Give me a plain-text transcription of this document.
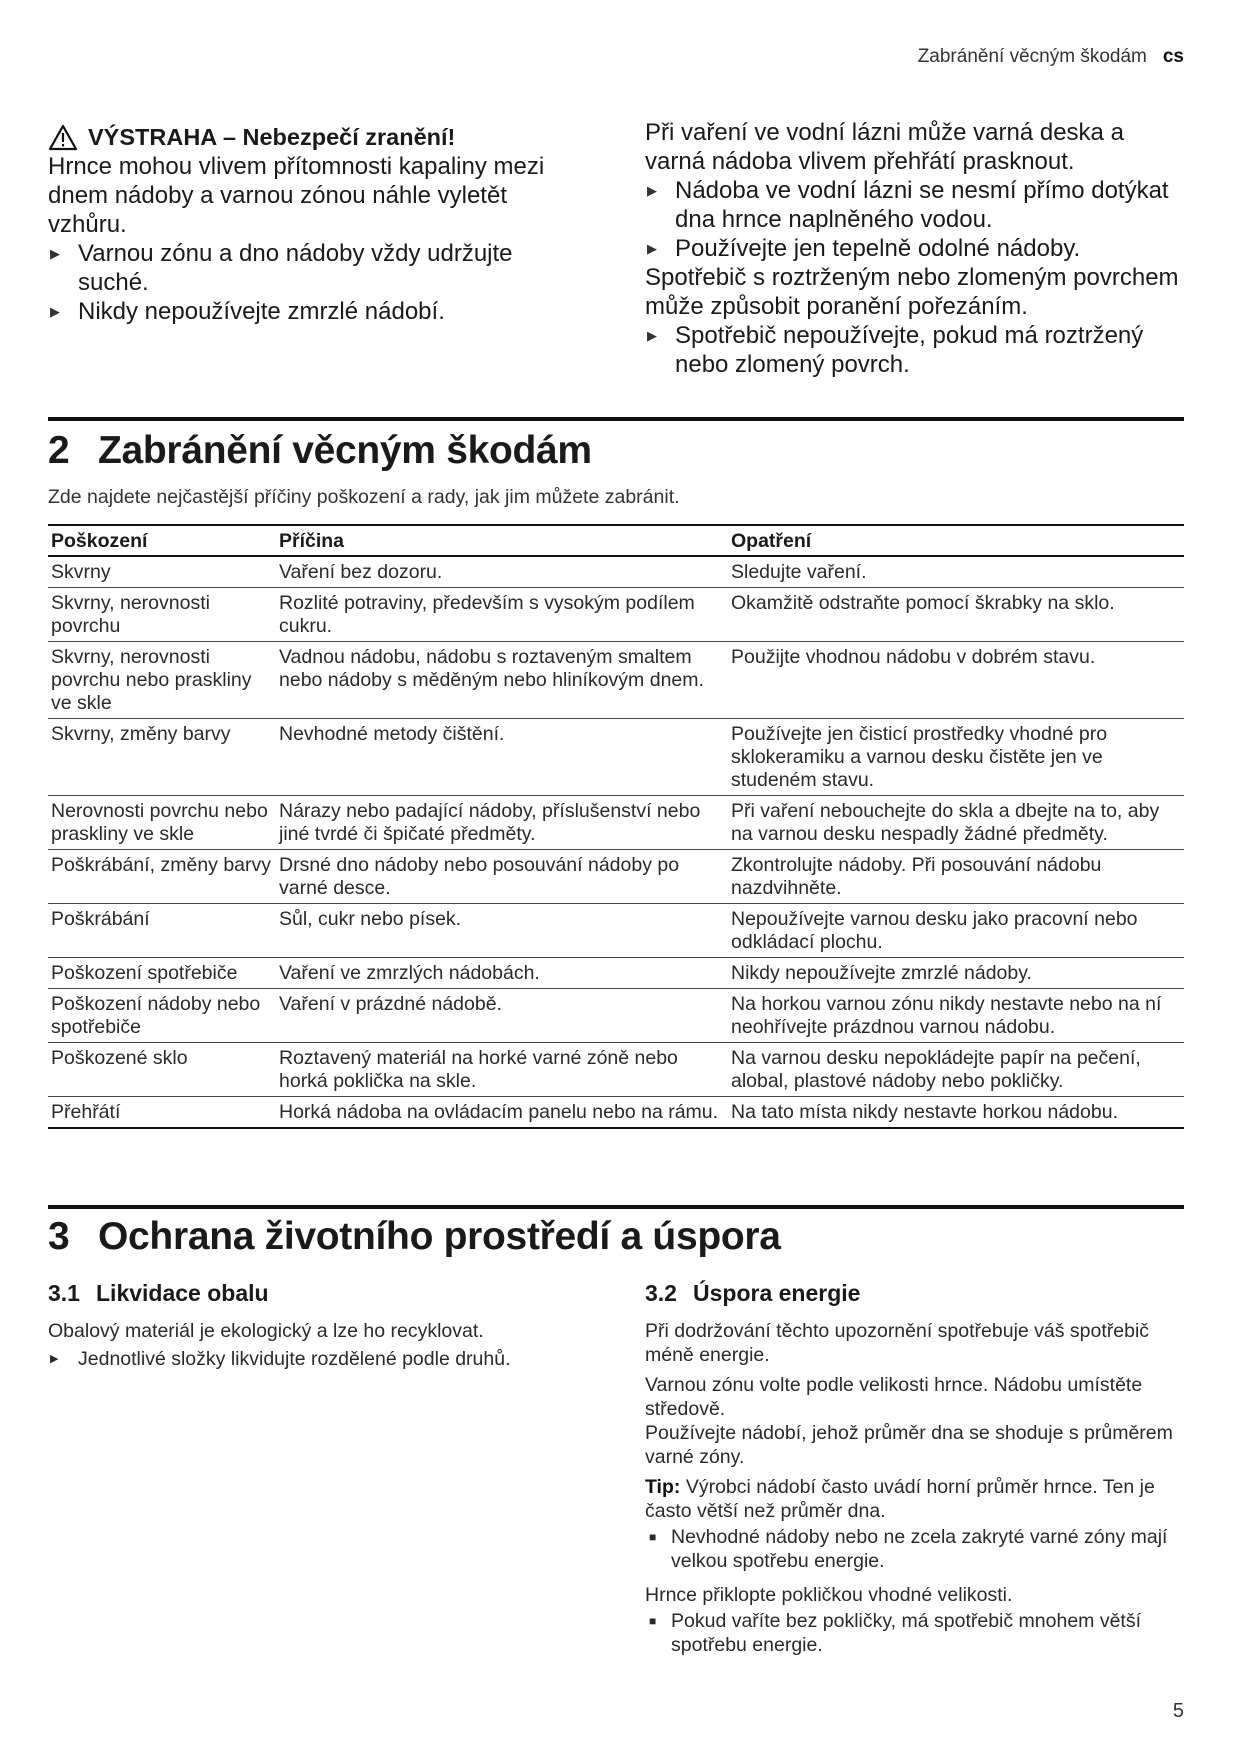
Zabránění věcným škodám cs
VÝSTRAHA – Nebezpečí zranění!

Hrnce mohou vlivem přítomnosti kapaliny mezi dnem nádoby a varnou zónou náhle vyletět vzhůru.

▶ Varnou zónu a dno nádoby vždy udržujte suché.
▶ Nikdy nepoužívejte zmrzlé nádobí.

Při vaření ve vodní lázni může varná deska a varná nádoba vlivem přehřátí prasknout.

▶ Nádoba ve vodní lázni se nesmí přímo dotýkat dna hrnce naplněného vodou.
▶ Používejte jen tepelně odolné nádoby.

Spotřebič s roztrženým nebo zlomeným povrchem může způsobit poranění pořezáním.

▶ Spotřebič nepoužívejte, pokud má roztržený nebo zlomený povrch.
2 Zabránění věcným škodám
Zde najdete nejčastější příčiny poškození a rady, jak jim můžete zabránit.
Poškození	Příčina	Opatření
Skvrny	Vaření bez dozoru.	Sledujte vaření.
Skvrny, nerovnosti povrchu	Rozlité potraviny, především s vysokým podílem cukru.	Okamžitě odstraňte pomocí škrabky na sklo.
Skvrny, nerovnosti povrchu nebo praskliny ve skle	Vadnou nádobu, nádobu s roztaveným smaltem nebo nádoby s měděným nebo hliníkovým dnem.	Použijte vhodnou nádobu v dobrém stavu.
Skvrny, změny barvy	Nevhodné metody čištění.	Používejte jen čisticí prostředky vhodné pro sklokeramiku a varnou desku čistěte jen ve studeném stavu.
Nerovnosti povrchu nebo praskliny ve skle	Nárazy nebo padající nádoby, příslušenství nebo jiné tvrdé či špičaté předměty.	Při vaření nebouchejte do skla a dbejte na to, aby na varnou desku nespadly žádné předměty.
Poškrábání, změny barvy	Drsné dno nádoby nebo posouvání nádoby po varné desce.	Zkontrolujte nádoby. Při posouvání nádobu nazdvihněte.
Poškrábání	Sůl, cukr nebo písek.	Nepoužívejte varnou desku jako pracovní nebo odkládací plochu.
Poškození spotřebiče	Vaření ve zmrzlých nádobách.	Nikdy nepoužívejte zmrzlé nádoby.
Poškození nádoby nebo spotřebiče	Vaření v prázdné nádobě.	Na horkou varnou zónu nikdy nestavte nebo na ní neohřívejte prázdnou varnou nádobu.
Poškozené sklo	Roztavený materiál na horké varné zóně nebo horká poklička na skle.	Na varnou desku nepokládejte papír na pečení, alobal, plastové nádoby nebo pokličky.
Přehřátí	Horká nádoba na ovládacím panelu nebo na rámu.	Na tato místa nikdy nestavte horkou nádobu.
3 Ochrana životního prostředí a úspora
3.1 Likvidace obalu

Obalový materiál je ekologický a lze ho recyklovat.

▶	Jednotlivé složky likvidujte rozdělené podle druhů.
3.2 Úspora energie

Při dodržování těchto upozornění spotřebuje váš spotřebič méně energie.

Varnou zónu volte podle velikosti hrnce. Nádobu umístěte středově.

Používejte nádobí, jehož průměr dna se shoduje s průměrem varné zóny.

Tip: Výrobci nádobí často uvádí horní průměr hrnce. Ten je často větší než průměr dna.

■ Nevhodné nádoby nebo ne zcela zakryté varné zóny mají velkou spotřebu energie.

Hrnce přiklopte pokličkou vhodné velikosti.

■ Pokud vaříte bez pokličky, má spotřebič mnohem větší spotřebu energie.
5
